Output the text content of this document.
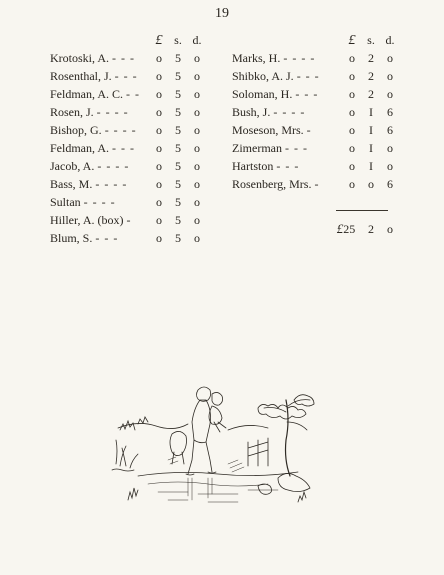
19
£ s. d.
Krotoski, A. - - -	o	5	o
Rosenthal, J. - - -	o	5	o
Feldman, A. C. - -	o	5	o
Rosen, J. - - - -	o	5	o
Bishop, G. - - - -	o	5	o
Feldman, A. - - -	o	5	o
Jacob, A. - - - -	o	5	o
Bass, M. - - - -	o	5	o
Sultan - - - -	o	5	o
Hiller, A. (box) -	o	5	o
Blum, S. - - -	o	5	o
£ s. d.
Marks, H. - - - -	o	2	o
Shibko, A. J. - - -	o	2	o
Soloman, H. - - -	o	2	o
Bush, J. - - - -	o	I	6
Moseson, Mrs. -	o	I	6
Zimerman - - -	o	I	o
Hartston - - -	o	I	o
Rosenberg, Mrs. -	o	o	6
£25	2	o
